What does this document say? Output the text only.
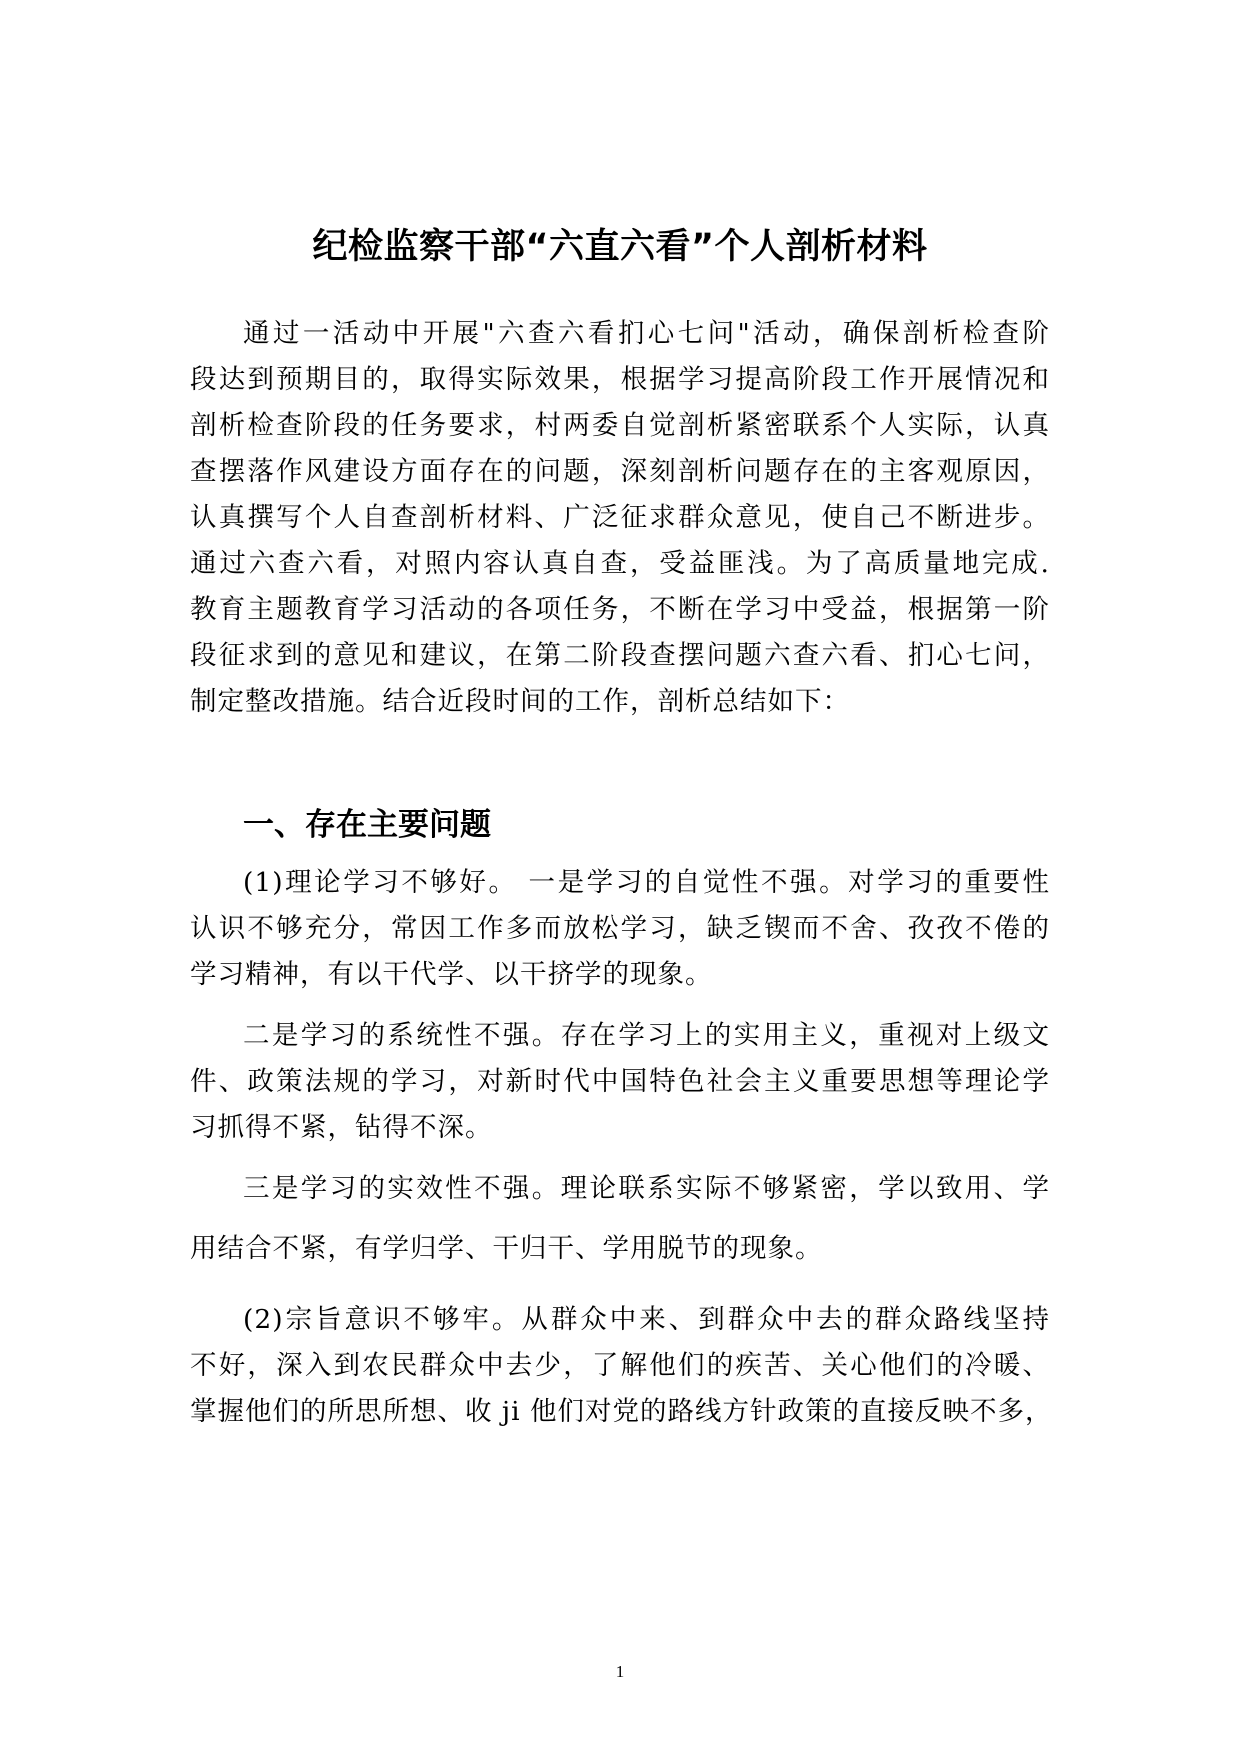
纪检监察干部“六直六看”个人剖析材料
通过一活动中开展"六查六看扪心七问"活动，确保剖析检查阶
段达到预期目的，取得实际效果，根据学习提高阶段工作开展情况和
剖析检查阶段的任务要求，村两委自觉剖析紧密联系个人实际，认真
查摆落作风建设方面存在的问题，深刻剖析问题存在的主客观原因，
认真撰写个人自查剖析材料、广泛征求群众意见，使自己不断进步。
通过六查六看，对照内容认真自查，受益匪浅。为了高质量地完成.
教育主题教育学习活动的各项任务，不断在学习中受益，根据第一阶
段征求到的意见和建议，在第二阶段查摆问题六查六看、扪心七问，
制定整改措施。结合近段时间的工作，剖析总结如下：
一、存在主要问题
(1)理论学习不够好。 一是学习的自觉性不强。对学习的重要性
认识不够充分，常因工作多而放松学习，缺乏锲而不舍、孜孜不倦的
学习精神，有以干代学、以干挤学的现象。
二是学习的系统性不强。存在学习上的实用主义，重视对上级文
件、政策法规的学习，对新时代中国特色社会主义重要思想等理论学
习抓得不紧，钻得不深。
三是学习的实效性不强。理论联系实际不够紧密，学以致用、学
用结合不紧，有学归学、干归干、学用脱节的现象。
(2)宗旨意识不够牢。从群众中来、到群众中去的群众路线坚持
不好，深入到农民群众中去少，了解他们的疾苦、关心他们的冷暖、
掌握他们的所思所想、收 ji 他们对党的路线方针政策的直接反映不多，
1
